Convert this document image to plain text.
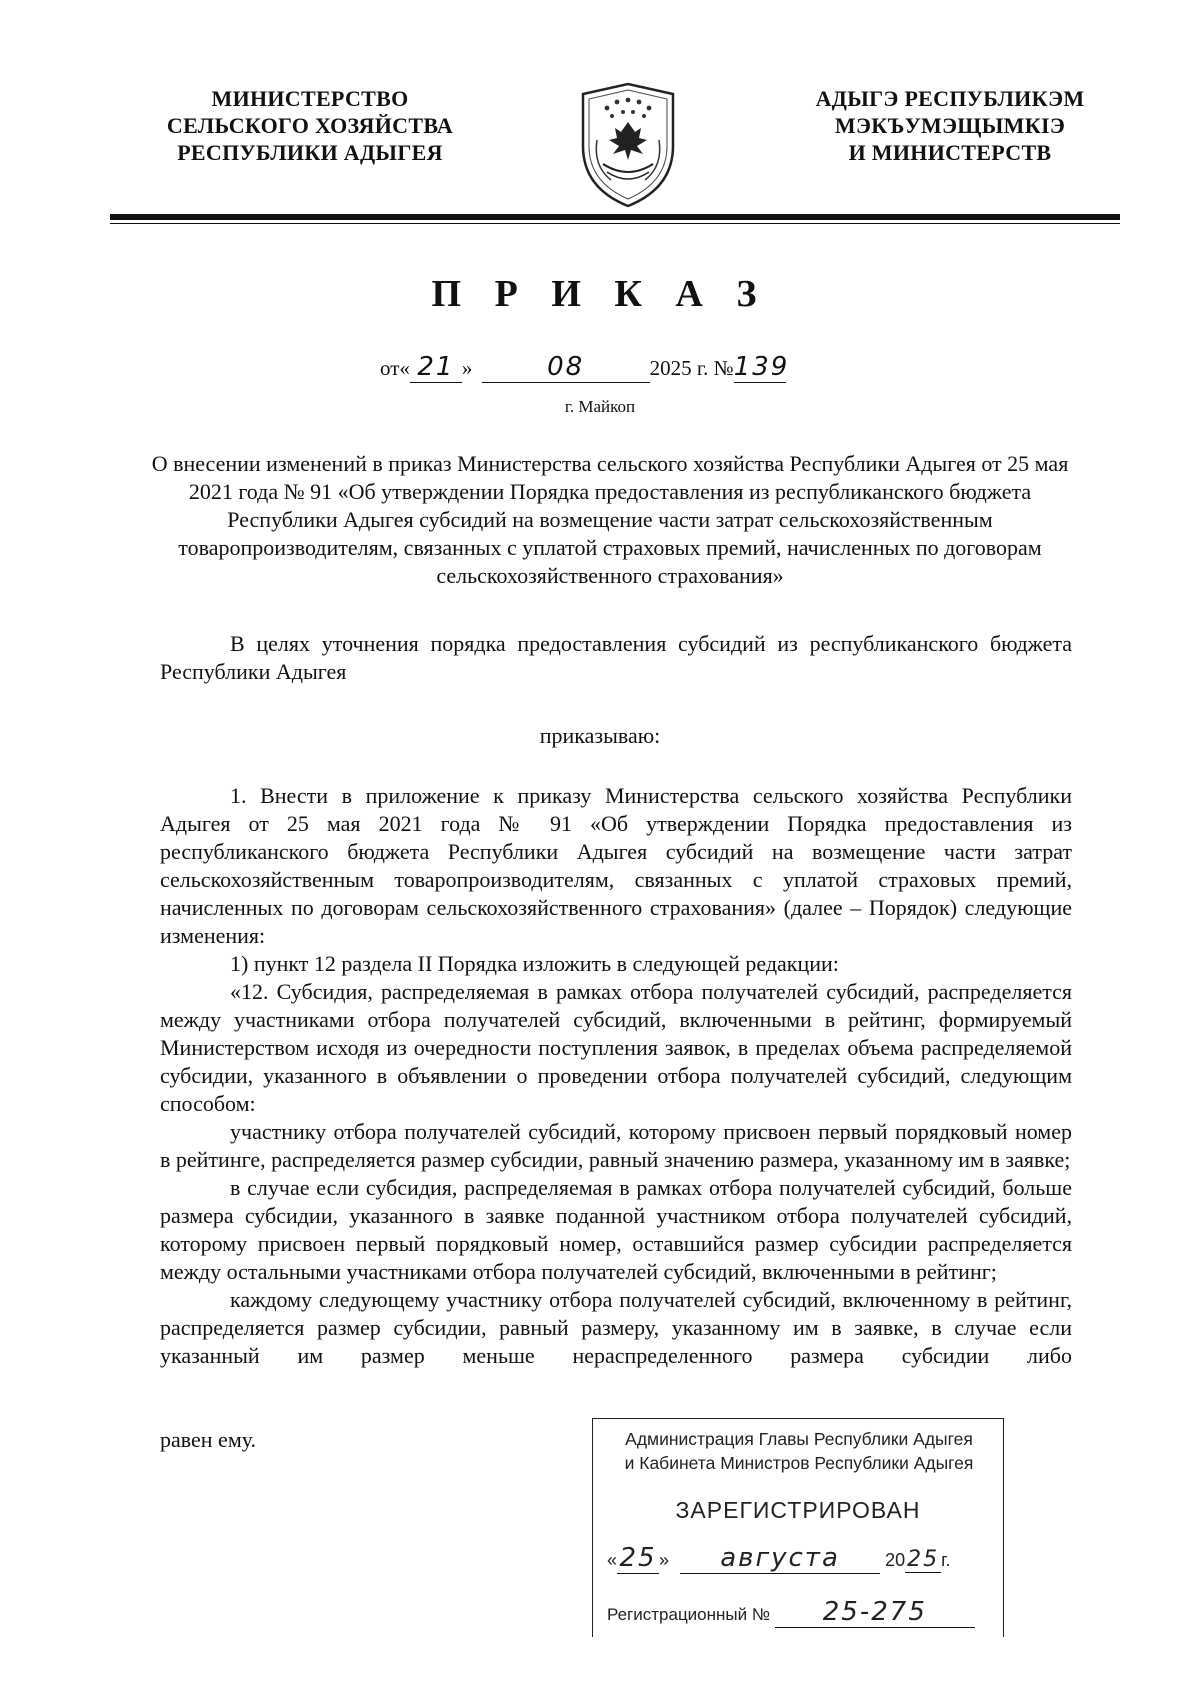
МИНИСТЕРСТВО
СЕЛЬСКОГО ХОЗЯЙСТВА
РЕСПУБЛИКИ АДЫГЕЯ
АДЫГЭ РЕСПУБЛИКЭМ
МЭКЪУМЭЩЫМКІЭ
И МИНИСТЕРСТВ
П Р И К А З
от« 21 »	08	2025 г. №139
г. Майкоп
О внесении изменений в приказ Министерства сельского хозяйства Республики Адыгея от 25 мая 2021 года № 91 «Об утверждении Порядка предоставления из республиканского бюджета Республики Адыгея субсидий на возмещение части затрат сельскохозяйственным товаропроизводителям, связанных с уплатой страховых премий, начисленных по договорам сельскохозяйственного страхования»

В целях уточнения порядка предоставления субсидий из республиканского бюджета Республики Адыгея

приказываю:

1. Внести в приложение к приказу Министерства сельского хозяйства Республики Адыгея от 25 мая 2021 года № 91 «Об утверждении Порядка предоставления из республиканского бюджета Республики Адыгея субсидий на возмещение части затрат сельскохозяйственным товаропроизводителям, связанных с уплатой страховых премий, начисленных по договорам сельскохозяйственного страхования» (далее – Порядок) следующие изменения:

1) пункт 12 раздела II Порядка изложить в следующей редакции:

«12. Субсидия, распределяемая в рамках отбора получателей субсидий, распределяется между участниками отбора получателей субсидий, включенными в рейтинг, формируемый Министерством исходя из очередности поступления заявок, в пределах объема распределяемой субсидии, указанного в объявлении о проведении отбора получателей субсидий, следующим способом:

участнику отбора получателей субсидий, которому присвоен первый порядковый номер в рейтинге, распределяется размер субсидии, равный значению размера, указанному им в заявке;

в случае если субсидия, распределяемая в рамках отбора получателей субсидий, больше размера субсидии, указанного в заявке поданной участником отбора получателей субсидий, которому присвоен первый порядковый номер, оставшийся размер субсидии распределяется между остальными участниками отбора получателей субсидий, включенными в рейтинг;

каждому следующему участнику отбора получателей субсидий, включенному в рейтинг, распределяется размер субсидии, равный размеру, указанному им в заявке, в случае если указанный им размер меньше нераспределенного размера субсидии либо

равен ему.	Администрация Главы Республики Адыгея
и Кабинета Министров Республики Адыгея
ЗАРЕГИСТРИРОВАН
«25 » августа	2025 г.
Регистрационный № 25-275
